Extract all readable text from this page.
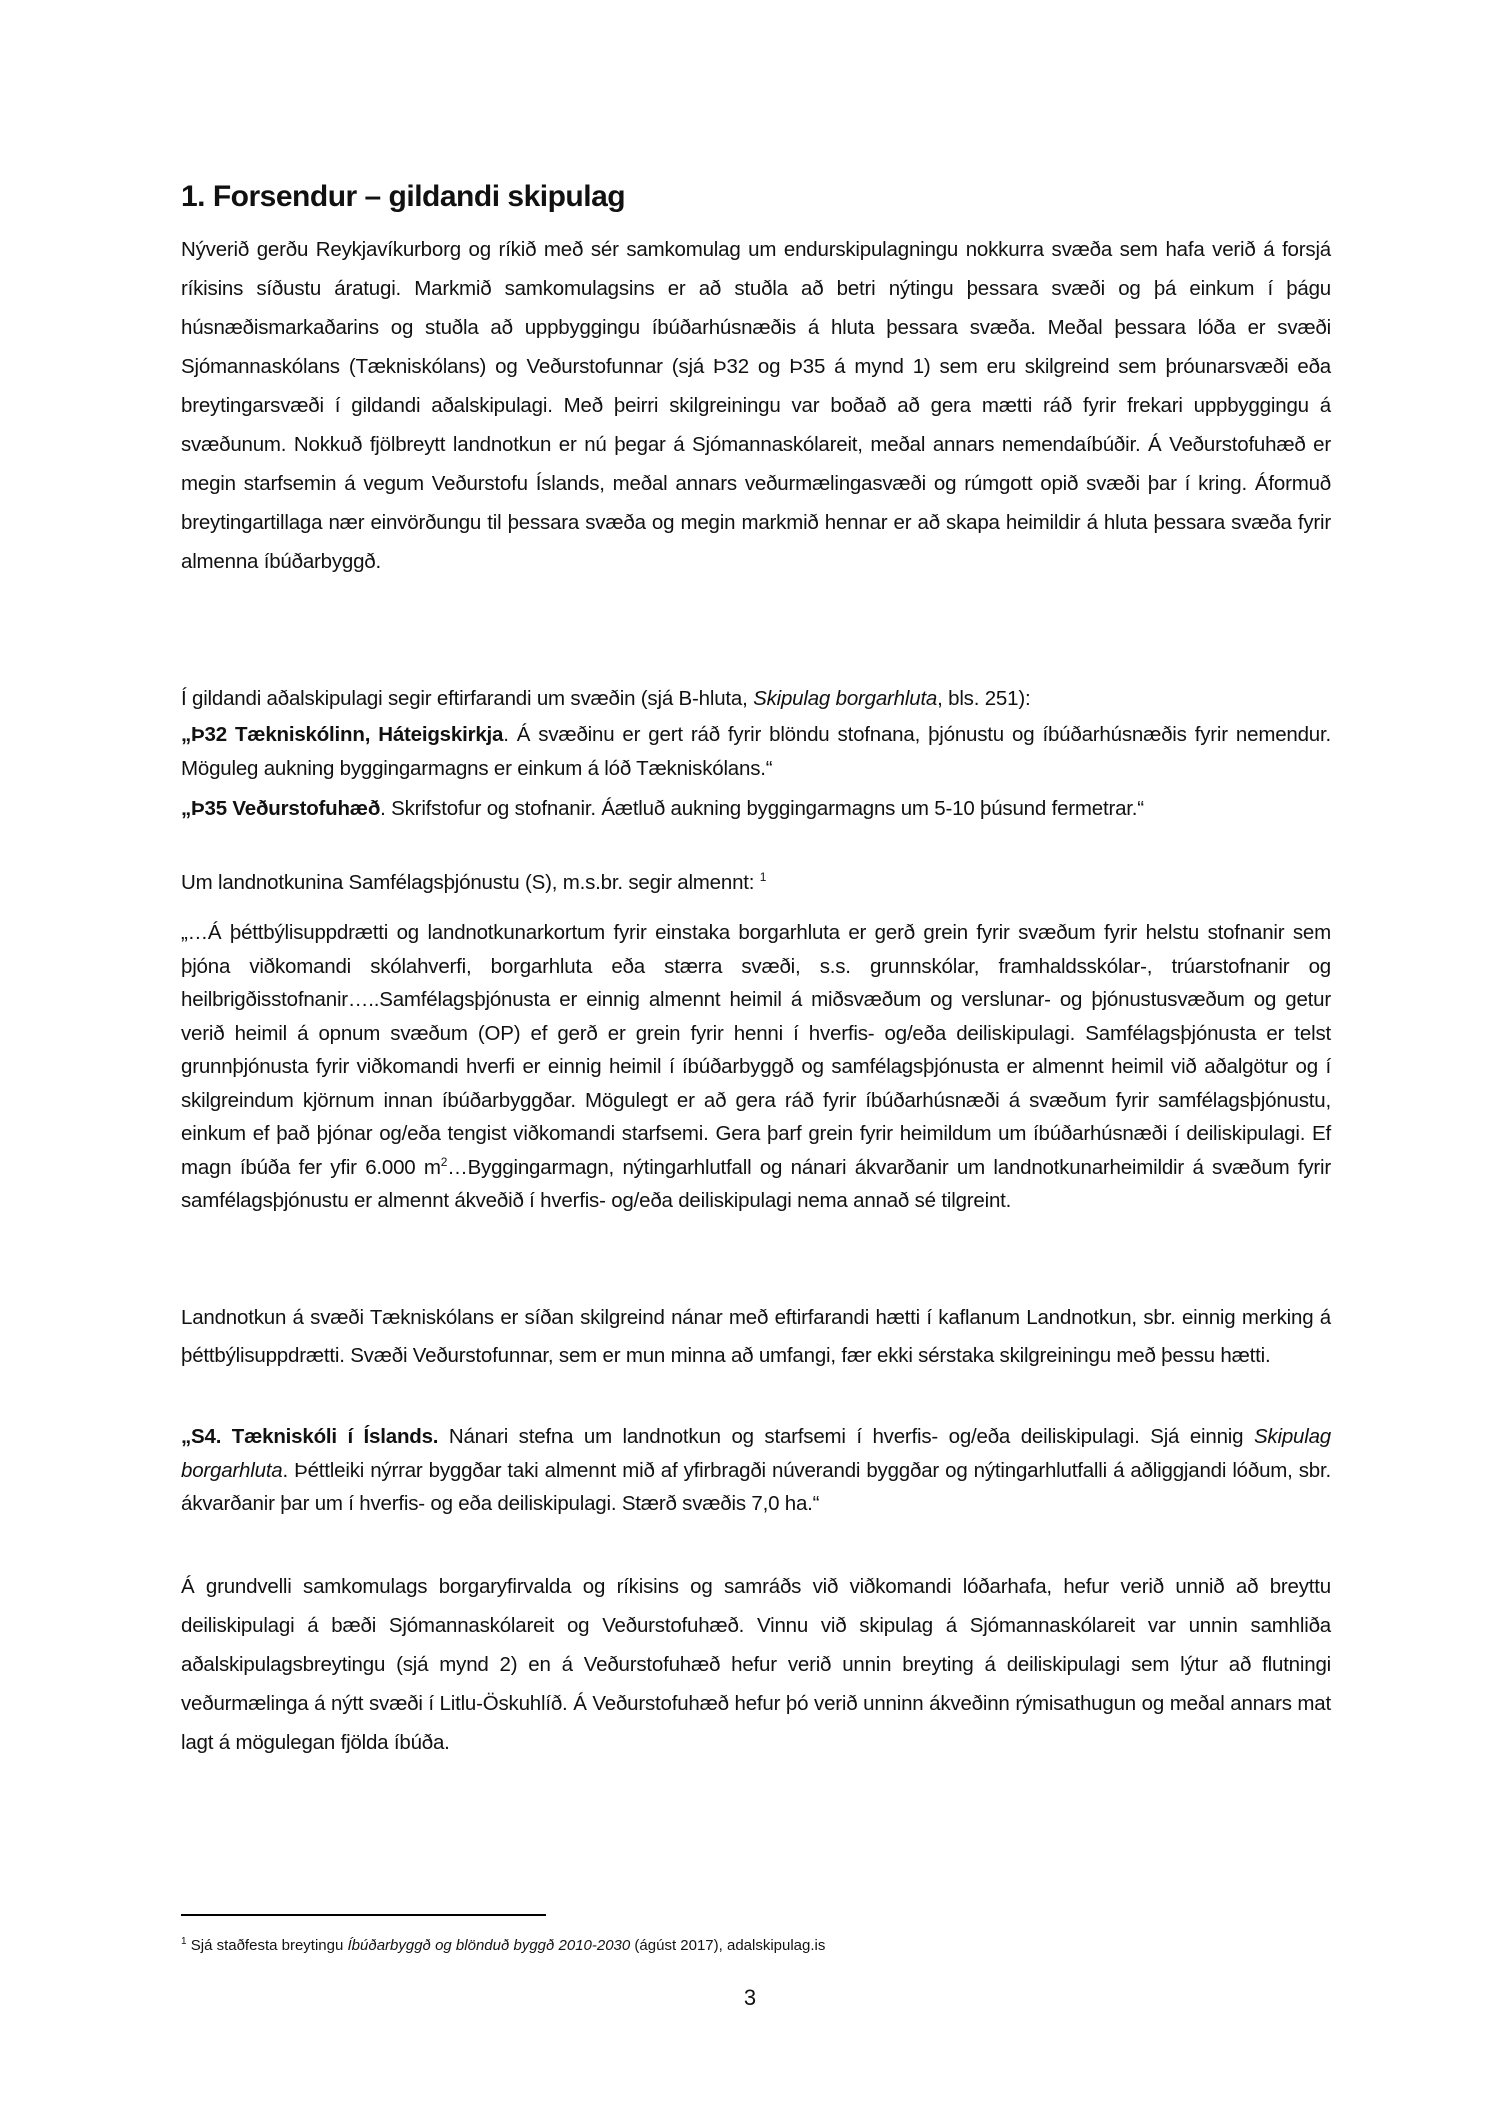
1. Forsendur – gildandi skipulag
Nýverið gerðu Reykjavíkurborg og ríkið með sér samkomulag um endurskipulagningu nokkurra svæða sem hafa verið á forsjá ríkisins síðustu áratugi. Markmið samkomulagsins er að stuðla að betri nýtingu þessara svæði og þá einkum í þágu húsnæðismarkaðarins og stuðla að uppbyggingu íbúðarhúsnæðis á hluta þessara svæða. Meðal þessara lóða er svæði Sjómannaskólans (Tækniskólans) og Veðurstofunnar (sjá Þ32 og Þ35 á mynd 1) sem eru skilgreind sem þróunarsvæði eða breytingarsvæði í gildandi aðalskipulagi. Með þeirri skilgreiningu var boðað að gera mætti ráð fyrir frekari uppbyggingu á svæðunum. Nokkuð fjölbreytt landnotkun er nú þegar á Sjómannaskólareit, meðal annars nemendaíbúðir. Á Veðurstofuhæð er megin starfsemin á vegum Veðurstofu Íslands, meðal annars veðurmælingasvæði og rúmgott opið svæði þar í kring. Áformuð breytingartillaga nær einvörðungu til þessara svæða og megin markmið hennar er að skapa heimildir á hluta þessara svæða fyrir almenna íbúðarbyggð.
Í gildandi aðalskipulagi segir eftirfarandi um svæðin (sjá B-hluta, Skipulag borgarhluta, bls. 251):
„Þ32 Tækniskólinn, Háteigskirkja. Á svæðinu er gert ráð fyrir blöndu stofnana, þjónustu og íbúðarhúsnæðis fyrir nemendur. Möguleg aukning byggingarmagns er einkum á lóð Tækniskólans.“
„Þ35 Veðurstofuhæð. Skrifstofur og stofnanir. Áætluð aukning byggingarmagns um 5-10 þúsund fermetrar.“
Um landnotkunina Samfélagsþjónustu (S), m.s.br. segir almennt: $^1$
„…Á þéttbýlisuppdrætti og landnotkunarkortum fyrir einstaka borgarhluta er gerð grein fyrir svæðum fyrir helstu stofnanir sem þjóna viðkomandi skólahverfi, borgarhluta eða stærra svæði, s.s. grunnskólar, framhaldsskólar-, trúarstofnanir og heilbrigðisstofnanir…..Samfélagsþjónusta er einnig almennt heimil á miðsvæðum og verslunar- og þjónustusvæðum og getur verið heimil á opnum svæðum (OP) ef gerð er grein fyrir henni í hverfis- og/eða deiliskipulagi. Samfélagsþjónusta er telst grunnþjónusta fyrir viðkomandi hverfi er einnig heimil í íbúðarbyggð og samfélagsþjónusta er almennt heimil við aðalgötur og í skilgreindum kjörnum innan íbúðarbyggðar. Mögulegt er að gera ráð fyrir íbúðarhúsnæði á svæðum fyrir samfélagsþjónustu, einkum ef það þjónar og/eða tengist viðkomandi starfsemi. Gera þarf grein fyrir heimildum um íbúðarhúsnæði í deiliskipulagi. Ef magn íbúða fer yfir 6.000 $m^2\dots Byggingarmagn$, nýtingarhlutfall og nánari ákvarðanir um landnotkunarheimildir á svæðum fyrir samfélagsþjónustu er almennt ákveðið í hverfis- og/eða deiliskipulagi nema annað sé tilgreint.
Landnotkun á svæði Tækniskólans er síðan skilgreind nánar með eftirfarandi hætti í kaflanum Landnotkun, sbr. einnig merking á þéttbýlisuppdrætti. Svæði Veðurstofunnar, sem er mun minna að umfangi, fær ekki sérstaka skilgreiningu með þessu hætti.
„S4. Tækniskóli í Íslands. Nánari stefna um landnotkun og starfsemi í hverfis- og/eða deiliskipulagi. Sjá einnig Skipulag borgarhluta. Þéttleiki nýrrar byggðar taki almennt mið af yfirbragði núverandi byggðar og nýtingarhlutfalli á aðliggjandi lóðum, sbr. ákvarðanir þar um í hverfis- og eða deiliskipulagi. Stærð svæðis 7,0 ha.“
Á grundvelli samkomulags borgaryfirvalda og ríkisins og samráðs við viðkomandi lóðarhafa, hefur verið unnið að breyttu deiliskipulagi á bæði Sjómannaskólareit og Veðurstofuhæð. Vinnu við skipulag á Sjómannaskólareit var unnin samhliða aðalskipulagsbreytingu (sjá mynd 2) en á Veðurstofuhæð hefur verið unnin breyting á deiliskipulagi sem lýtur að flutningi veðurmælinga á nýtt svæði í Litlu-Öskuhlíð. Á Veðurstofuhæð hefur þó verið unninn ákveðinn rýmisathugun og meðal annars mat lagt á mögulegan fjölda íbúða.
$^1$ Sjá staðfesta breytingu Íbúðarbyggð og blönduð byggð 2010-2030 (ágúst 2017), adalskipulag.is
3
